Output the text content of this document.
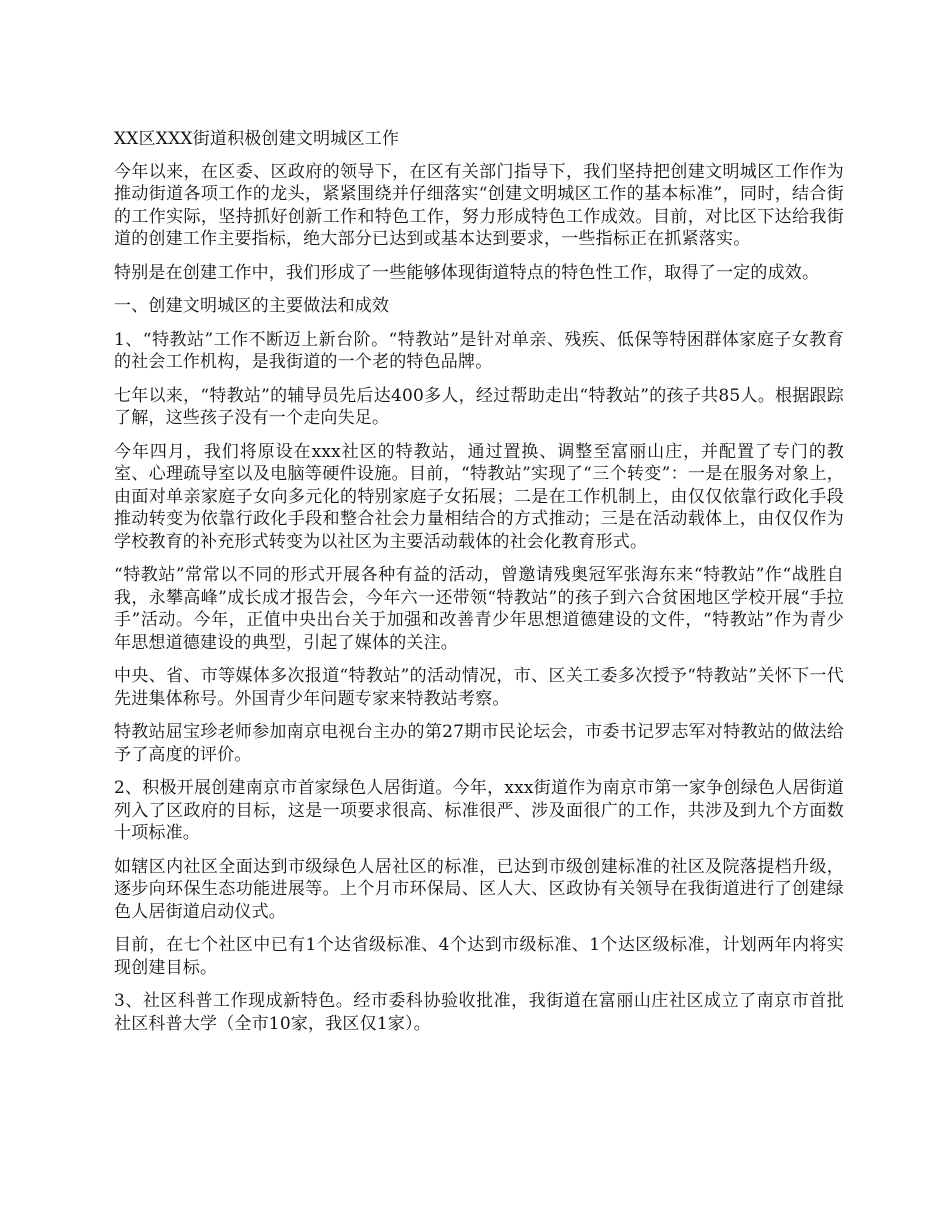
XX区XXX街道积极创建文明城区工作

今年以来，在区委、区政府的领导下，在区有关部门指导下，我们坚持把创建文明城区工作作为推动街道各项工作的龙头，紧紧围绕并仔细落实“创建文明城区工作的基本标准”，同时，结合街的工作实际，坚持抓好创新工作和特色工作，努力形成特色工作成效。目前，对比区下达给我街道的创建工作主要指标，绝大部分已达到或基本达到要求，一些指标正在抓紧落实。

特别是在创建工作中，我们形成了一些能够体现街道特点的特色性工作，取得了一定的成效。

一、创建文明城区的主要做法和成效

1、“特教站”工作不断迈上新台阶。“特教站”是针对单亲、残疾、低保等特困群体家庭子女教育的社会工作机构，是我街道的一个老的特色品牌。

七年以来，“特教站”的辅导员先后达400多人，经过帮助走出“特教站”的孩子共85人。根据跟踪了解，这些孩子没有一个走向失足。

今年四月，我们将原设在xxx社区的特教站，通过置换、调整至富丽山庄，并配置了专门的教室、心理疏导室以及电脑等硬件设施。目前，“特教站”实现了“三个转变”：一是在服务对象上，由面对单亲家庭子女向多元化的特别家庭子女拓展；二是在工作机制上，由仅仅依靠行政化手段推动转变为依靠行政化手段和整合社会力量相结合的方式推动；三是在活动载体上，由仅仅作为学校教育的补充形式转变为以社区为主要活动载体的社会化教育形式。

“特教站”常常以不同的形式开展各种有益的活动，曾邀请残奥冠军张海东来“特教站”作“战胜自我，永攀高峰”成长成才报告会，今年六一还带领“特教站”的孩子到六合贫困地区学校开展“手拉手”活动。今年，正值中央出台关于加强和改善青少年思想道德建设的文件，“特教站”作为青少年思想道德建设的典型，引起了媒体的关注。

中央、省、市等媒体多次报道“特教站”的活动情况，市、区关工委多次授予“特教站”关怀下一代先进集体称号。外国青少年问题专家来特教站考察。

特教站屈宝珍老师参加南京电视台主办的第27期市民论坛会，市委书记罗志军对特教站的做法给予了高度的评价。

2、积极开展创建南京市首家绿色人居街道。今年，xxx街道作为南京市第一家争创绿色人居街道列入了区政府的目标，这是一项要求很高、标准很严、涉及面很广的工作，共涉及到九个方面数十项标准。

如辖区内社区全面达到市级绿色人居社区的标准，已达到市级创建标准的社区及院落提档升级，逐步向环保生态功能进展等。上个月市环保局、区人大、区政协有关领导在我街道进行了创建绿色人居街道启动仪式。

目前，在七个社区中已有1个达省级标准、4个达到市级标准、1个达区级标准，计划两年内将实现创建目标。

3、社区科普工作现成新特色。经市委科协验收批准，我街道在富丽山庄社区成立了南京市首批社区科普大学（全市10家，我区仅1家）。
